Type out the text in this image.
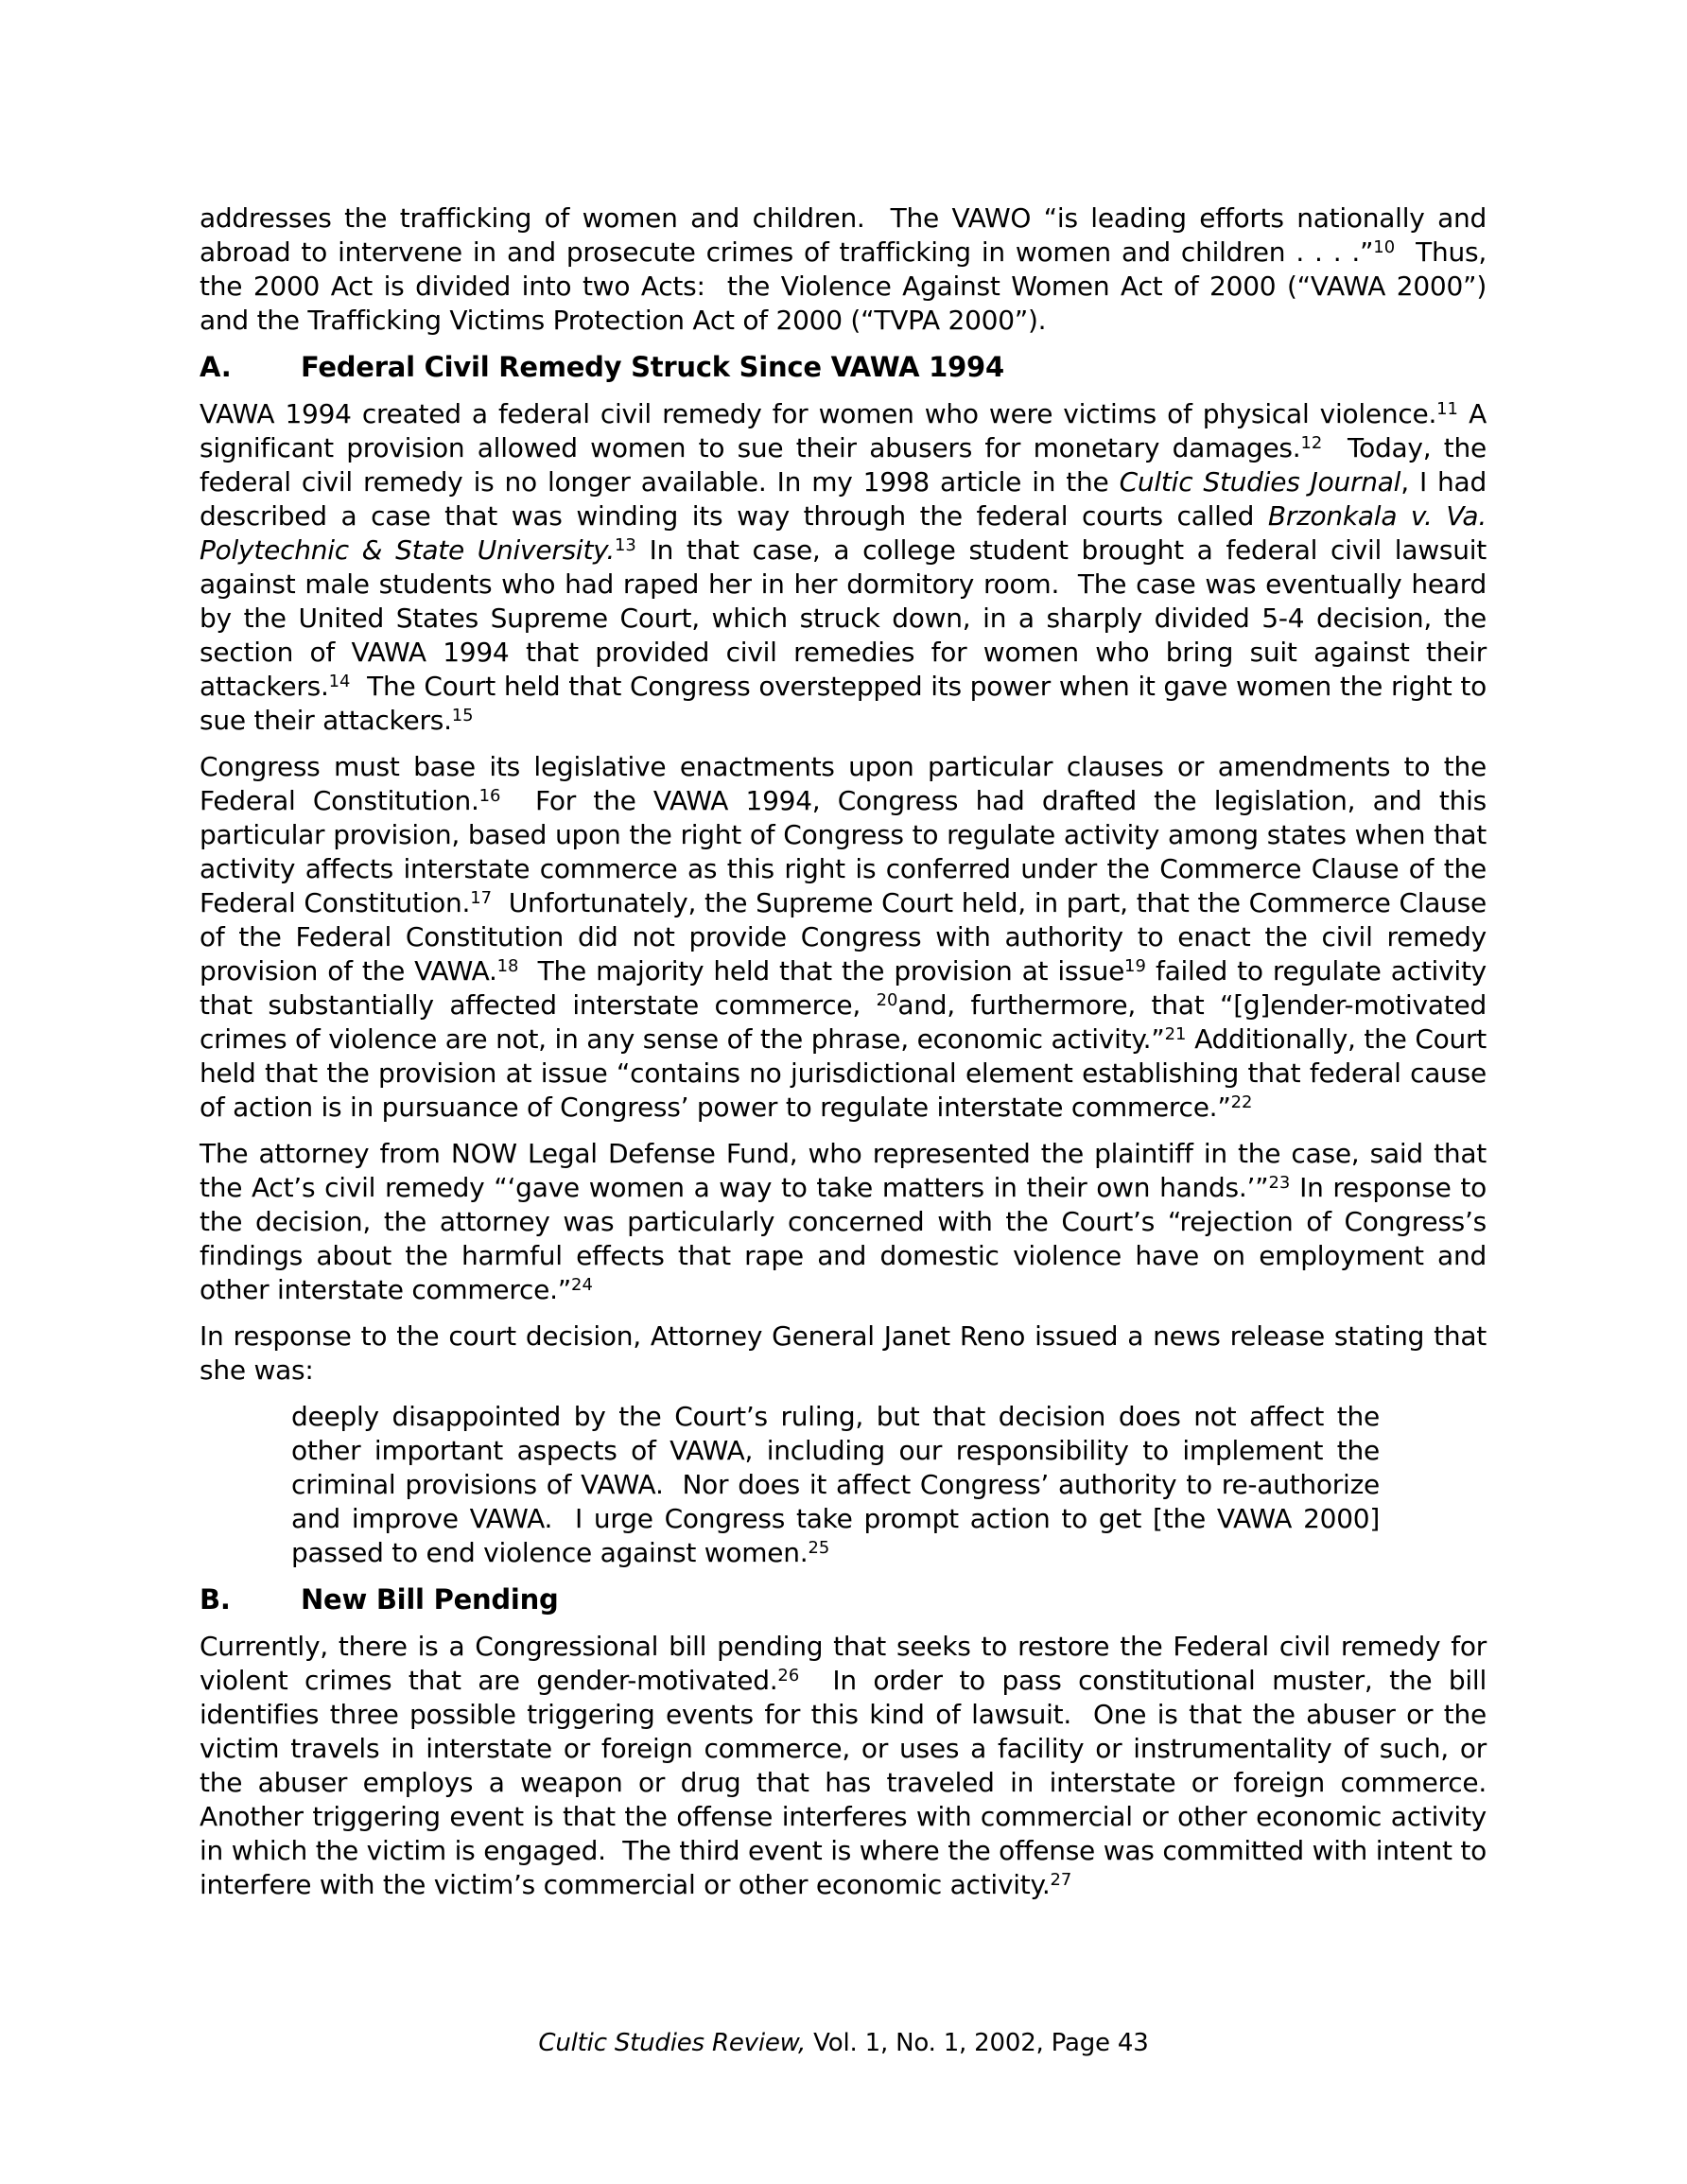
addresses the trafficking of women and children.  The VAWO “is leading efforts nationally and abroad to intervene in and prosecute crimes of trafficking in women and children . . . .”$^{10}$  Thus, the 2000 Act is divided into two Acts:  the Violence Against Women Act of 2000 (“VAWA 2000”) and the Trafficking Victims Protection Act of 2000 (“TVPA 2000”).

A.	Federal Civil Remedy Struck Since VAWA 1994

VAWA 1994 created a federal civil remedy for women who were victims of physical violence.$^{11}$ A significant provision allowed women to sue their abusers for monetary damages.$^{12}$  Today, the federal civil remedy is no longer available. In my 1998 article in the Cultic Studies Journal, I had described a case that was winding its way through the federal courts called Brzonkala v. Va. Polytechnic & State University.$^{13}$ In that case, a college student brought a federal civil lawsuit against male students who had raped her in her dormitory room.  The case was eventually heard by the United States Supreme Court, which struck down, in a sharply divided 5-4 decision, the section of VAWA 1994 that provided civil remedies for women who bring suit against their attackers.$^{14}$  The Court held that Congress overstepped its power when it gave women the right to sue their attackers.$^{15}$

Congress must base its legislative enactments upon particular clauses or amendments to the Federal Constitution.$^{16}$  For the VAWA 1994, Congress had drafted the legislation, and this particular provision, based upon the right of Congress to regulate activity among states when that activity affects interstate commerce as this right is conferred under the Commerce Clause of the Federal Constitution.$^{17}$  Unfortunately, the Supreme Court held, in part, that the Commerce Clause of the Federal Constitution did not provide Congress with authority to enact the civil remedy provision of the VAWA.$^{18}$  The majority held that the provision at issue$^{19}$ failed to regulate activity that substantially affected interstate commerce, $^{20}$and, furthermore, that “[g]ender-motivated crimes of violence are not, in any sense of the phrase, economic activity.”$^{21}$ Additionally, the Court held that the provision at issue “contains no jurisdictional element establishing that federal cause of action is in pursuance of Congress’ power to regulate interstate commerce.”$^{22}$

The attorney from NOW Legal Defense Fund, who represented the plaintiff in the case, said that the Act’s civil remedy “‘gave women a way to take matters in their own hands.’”$^{23}$ In response to the decision, the attorney was particularly concerned with the Court’s “rejection of Congress’s findings about the harmful effects that rape and domestic violence have on employment and other interstate commerce.”$^{24}$

In response to the court decision, Attorney General Janet Reno issued a news release stating that she was:

deeply disappointed by the Court’s ruling, but that decision does not affect the other important aspects of VAWA, including our responsibility to implement the criminal provisions of VAWA.  Nor does it affect Congress’ authority to re-authorize and improve VAWA.  I urge Congress take prompt action to get [the VAWA 2000] passed to end violence against women.$^{25}$
B.	New Bill Pending

Currently, there is a Congressional bill pending that seeks to restore the Federal civil remedy for violent crimes that are gender-motivated.$^{26}$  In order to pass constitutional muster, the bill identifies three possible triggering events for this kind of lawsuit.  One is that the abuser or the victim travels in interstate or foreign commerce, or uses a facility or instrumentality of such, or the abuser employs a weapon or drug that has traveled in interstate or foreign commerce.  Another triggering event is that the offense interferes with commercial or other economic activity in which the victim is engaged.  The third event is where the offense was committed with intent to interfere with the victim’s commercial or other economic activity.$^{27}$

Cultic Studies Review, Vol. 1, No. 1, 2002, Page 43
